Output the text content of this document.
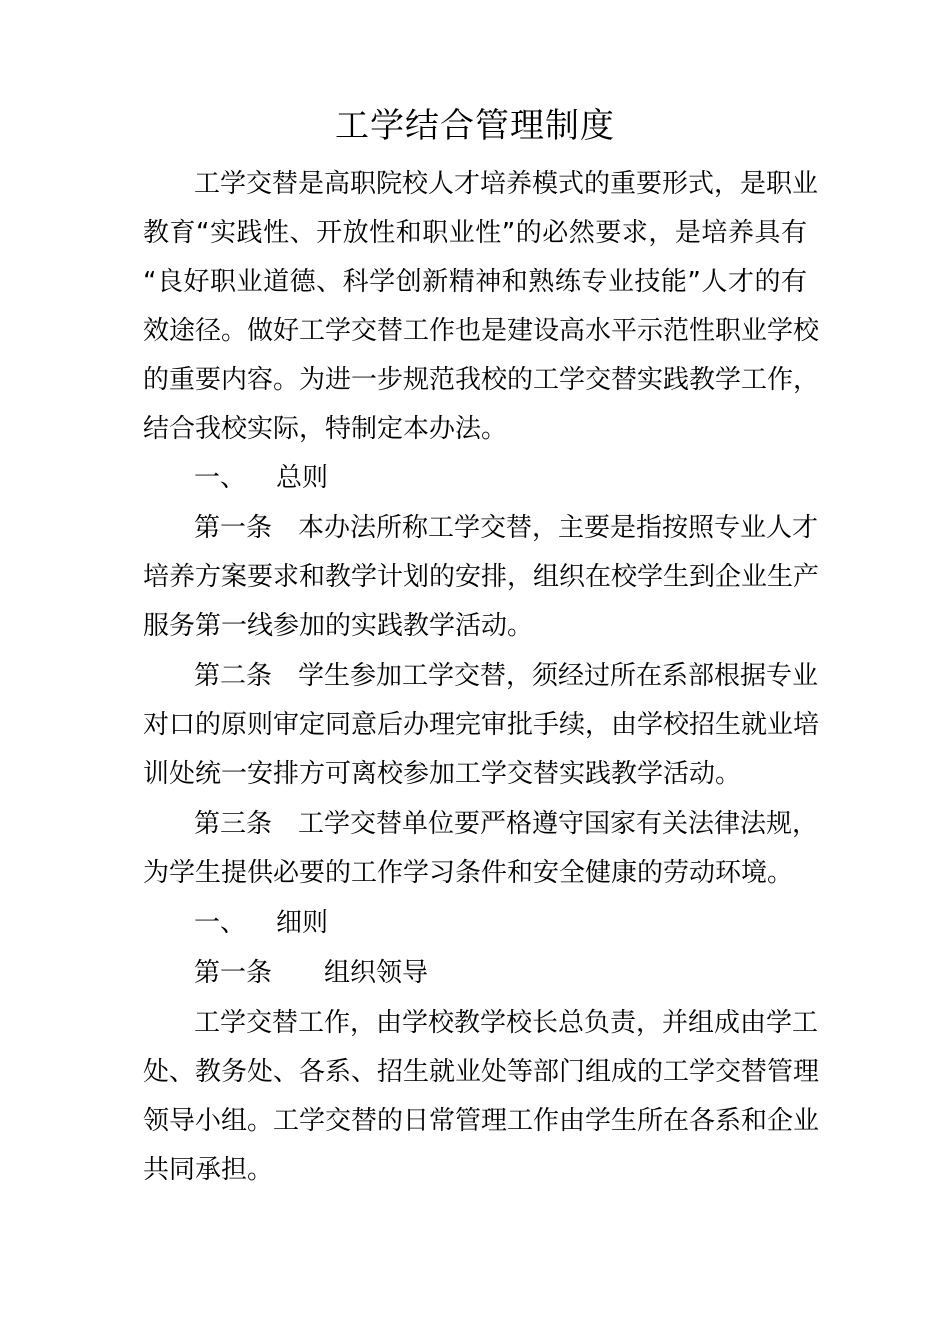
工学结合管理制度
工学交替是高职院校人才培养模式的重要形式，是职业
教育“实践性、开放性和职业性”的必然要求，是培养具有
“良好职业道德、科学创新精神和熟练专业技能”人才的有
效途径。做好工学交替工作也是建设高水平示范性职业学校
的重要内容。为进一步规范我校的工学交替实践教学工作，
结合我校实际，特制定本办法。
一、 总则
第一条 本办法所称工学交替，主要是指按照专业人才
培养方案要求和教学计划的安排，组织在校学生到企业生产
服务第一线参加的实践教学活动。
第二条 学生参加工学交替，须经过所在系部根据专业
对口的原则审定同意后办理完审批手续，由学校招生就业培
训处统一安排方可离校参加工学交替实践教学活动。
第三条 工学交替单位要严格遵守国家有关法律法规，
为学生提供必要的工作学习条件和安全健康的劳动环境。
一、 细则
第一条 组织领导
工学交替工作，由学校教学校长总负责，并组成由学工
处、教务处、各系、招生就业处等部门组成的工学交替管理
领导小组。工学交替的日常管理工作由学生所在各系和企业
共同承担。
